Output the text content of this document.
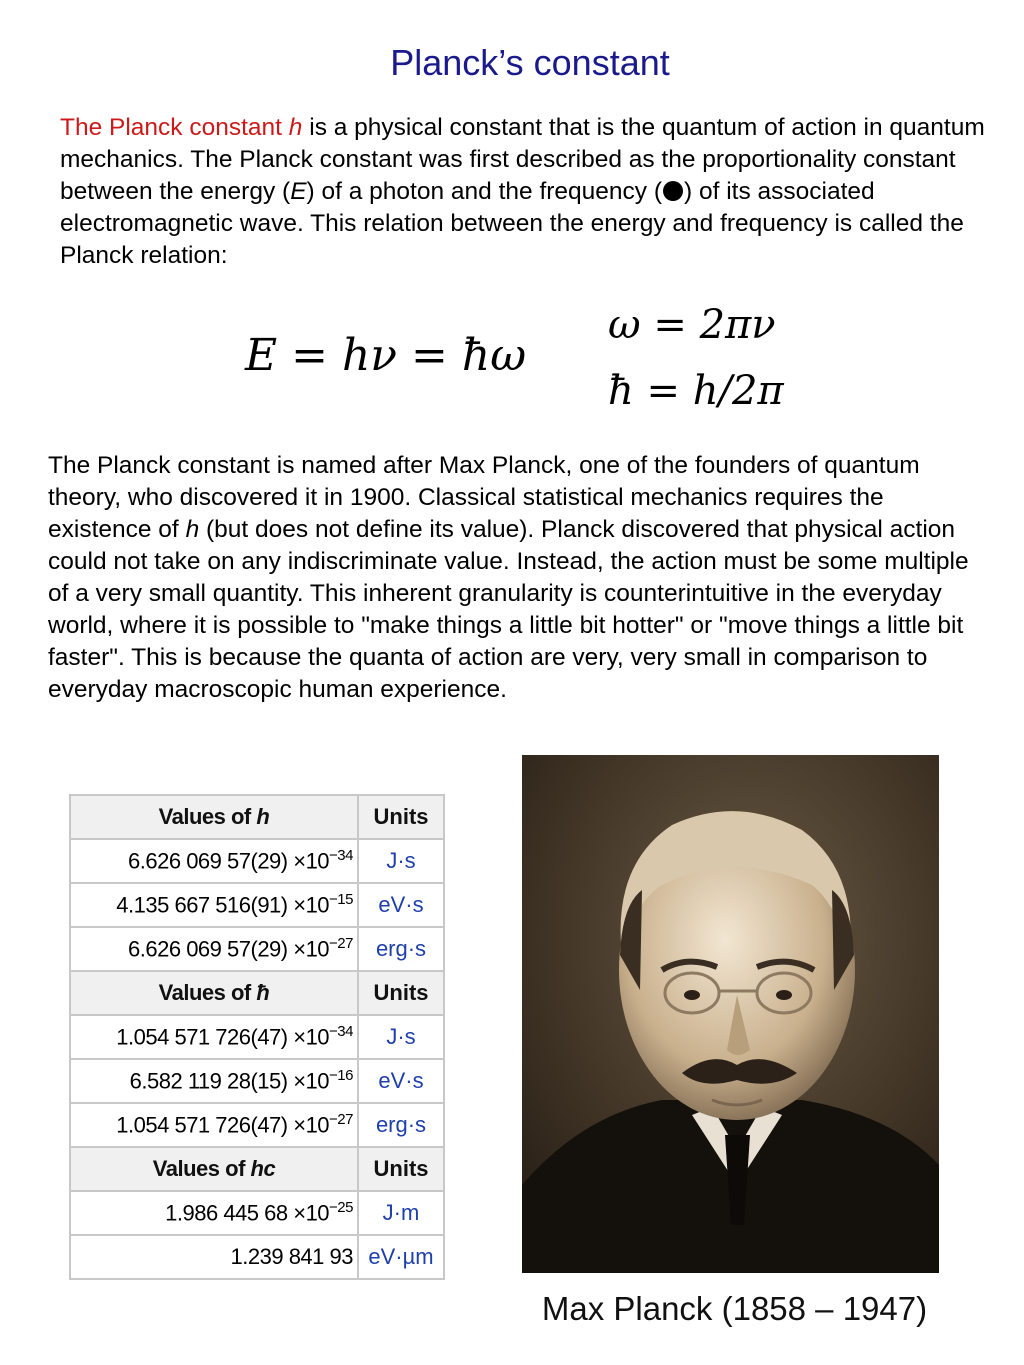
Planck’s constant
The Planck constant h is a physical constant that is the quantum of action in quantum mechanics. The Planck constant was first described as the proportionality constant between the energy (E) of a photon and the frequency ( ) of its associated electromagnetic wave. This relation between the energy and frequency is called the Planck relation:
E = hν = ħω
ω = 2πν
ħ = h/2π
The Planck constant is named after Max Planck, one of the founders of quantum theory, who discovered it in 1900. Classical statistical mechanics requires the existence of h (but does not define its value). Planck discovered that physical action could not take on any indiscriminate value. Instead, the action must be some multiple of a very small quantity. This inherent granularity is counterintuitive in the everyday world, where it is possible to "make things a little bit hotter" or "move things a little bit faster". This is because the quanta of action are very, very small in comparison to everyday macroscopic human experience.
Values of h	Units
6.626 069 $57(29) \times 10^{-34}$	J·s
4.135 667 $516(91) \times 10^{-15}$	eV·s
6.626 069 $57(29) \times 10^{-27}$	erg·s
Values of ħ	Units
1.054 571 $726(47) \times 10^{-34}$	J·s
6.582 119 $28(15) \times 10^{-16}$	eV·s
1.054 571 $726(47) \times 10^{-27}$	erg·s
Values of hc	Units
1.986 445 $68 \times 10^{-25}$	J·m
1.239 841 93	eV·µm
Max Planck (1858 – 1947)
